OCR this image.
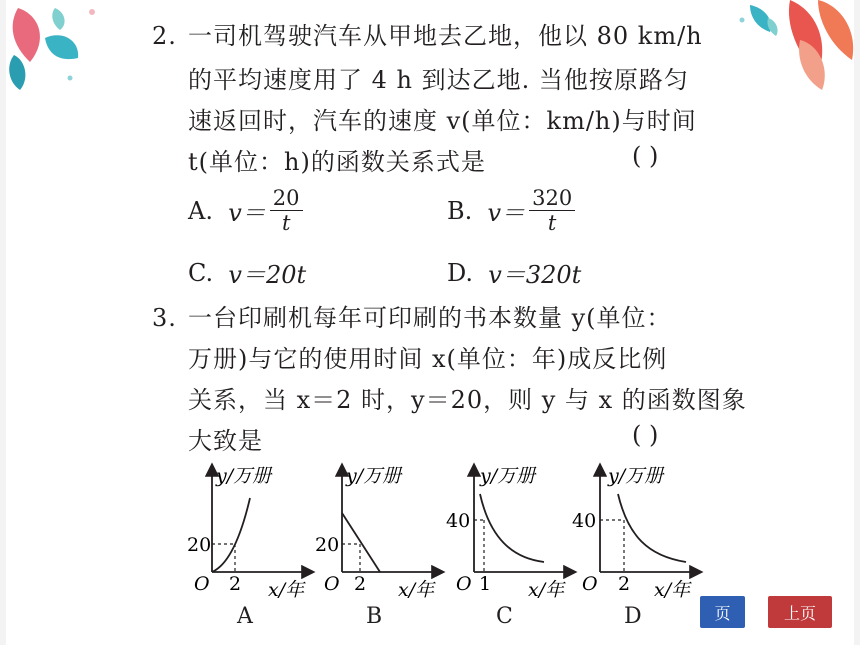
2. 一司机驾驶汽车从甲地去乙地，他以 80 km/h
的平均速度用了 4 h 到达乙地. 当他按原路匀
速返回时，汽车的速度 v(单位：km/h)与时间
t(单位：h)的函数关系式是	( )
A.
$v= \frac{20}{t}$	B.
$v= \frac{320}{t}$
C.
v＝20t	D.
v＝320t
3. 一台印刷机每年可印刷的书本数量 y(单位：
万册)与它的使用时间 x(单位：年)成反比例
关系，当 x＝2 时，y＝20，则 y 与 x 的函数图象
大致是	( )
y/万册
x/年
O
20
2
A
y/万册
x/年
O
20
2
B
y/万册
x/年
O
40
1
C
y/万册
x/年
O
40
2
D	页	上页
